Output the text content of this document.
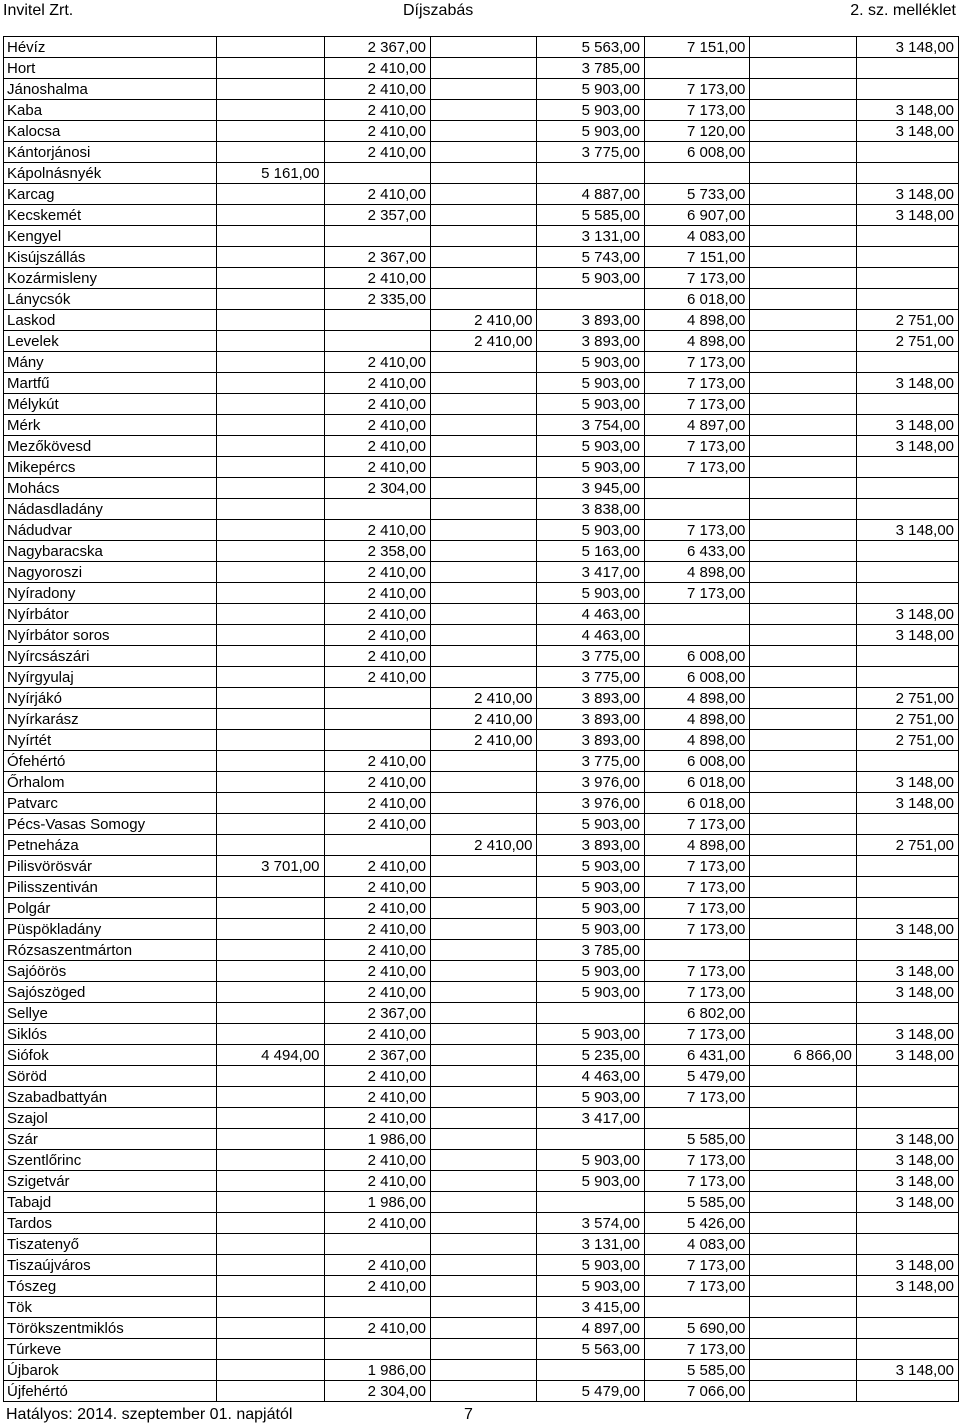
Invitel Zrt.	Díjszabás	2. sz. melléklet
Hévíz		2 367,00		5 563,00	7 151,00		3 148,00
Hort		2 410,00		3 785,00			
Jánoshalma		2 410,00		5 903,00	7 173,00		
Kaba		2 410,00		5 903,00	7 173,00		3 148,00
Kalocsa		2 410,00		5 903,00	7 120,00		3 148,00
Kántorjánosi		2 410,00		3 775,00	6 008,00		
Kápolnásnyék	5 161,00						
Karcag		2 410,00		4 887,00	5 733,00		3 148,00
Kecskemét		2 357,00		5 585,00	6 907,00		3 148,00
Kengyel				3 131,00	4 083,00		
Kisújszállás		2 367,00		5 743,00	7 151,00		
Kozármisleny		2 410,00		5 903,00	7 173,00		
Lánycsók		2 335,00			6 018,00		
Laskod			2 410,00	3 893,00	4 898,00		2 751,00
Levelek			2 410,00	3 893,00	4 898,00		2 751,00
Mány		2 410,00		5 903,00	7 173,00		
Martfű		2 410,00		5 903,00	7 173,00		3 148,00
Mélykút		2 410,00		5 903,00	7 173,00		
Mérk		2 410,00		3 754,00	4 897,00		3 148,00
Mezőkövesd		2 410,00		5 903,00	7 173,00		3 148,00
Mikepércs		2 410,00		5 903,00	7 173,00		
Mohács		2 304,00		3 945,00			
Nádasdladány				3 838,00			
Nádudvar		2 410,00		5 903,00	7 173,00		3 148,00
Nagybaracska		2 358,00		5 163,00	6 433,00		
Nagyoroszi		2 410,00		3 417,00	4 898,00		
Nyíradony		2 410,00		5 903,00	7 173,00		
Nyírbátor		2 410,00		4 463,00			3 148,00
Nyírbátor soros		2 410,00		4 463,00			3 148,00
Nyírcsászári		2 410,00		3 775,00	6 008,00		
Nyírgyulaj		2 410,00		3 775,00	6 008,00		
Nyírjákó			2 410,00	3 893,00	4 898,00		2 751,00
Nyírkarász			2 410,00	3 893,00	4 898,00		2 751,00
Nyírtét			2 410,00	3 893,00	4 898,00		2 751,00
Ófehértó		2 410,00		3 775,00	6 008,00		
Őrhalom		2 410,00		3 976,00	6 018,00		3 148,00
Patvarc		2 410,00		3 976,00	6 018,00		3 148,00
Pécs-Vasas Somogy		2 410,00		5 903,00	7 173,00		
Petneháza			2 410,00	3 893,00	4 898,00		2 751,00
Pilisvörösvár	3 701,00	2 410,00		5 903,00	7 173,00		
Pilisszentiván		2 410,00		5 903,00	7 173,00		
Polgár		2 410,00		5 903,00	7 173,00		
Püspökladány		2 410,00		5 903,00	7 173,00		3 148,00
Rózsaszentmárton		2 410,00		3 785,00			
Sajóörös		2 410,00		5 903,00	7 173,00		3 148,00
Sajószöged		2 410,00		5 903,00	7 173,00		3 148,00
Sellye		2 367,00			6 802,00		
Siklós		2 410,00		5 903,00	7 173,00		3 148,00
Siófok	4 494,00	2 367,00		5 235,00	6 431,00	6 866,00	3 148,00
Söröd		2 410,00		4 463,00	5 479,00		
Szabadbattyán		2 410,00		5 903,00	7 173,00		
Szajol		2 410,00		3 417,00			
Szár		1 986,00			5 585,00		3 148,00
Szentlőrinc		2 410,00		5 903,00	7 173,00		3 148,00
Szigetvár		2 410,00		5 903,00	7 173,00		3 148,00
Tabajd		1 986,00			5 585,00		3 148,00
Tardos		2 410,00		3 574,00	5 426,00		
Tiszatenyő				3 131,00	4 083,00		
Tiszaújváros		2 410,00		5 903,00	7 173,00		3 148,00
Tószeg		2 410,00		5 903,00	7 173,00		3 148,00
Tök				3 415,00			
Törökszentmiklós		2 410,00		4 897,00	5 690,00		
Túrkeve				5 563,00	7 173,00		
Újbarok		1 986,00			5 585,00		3 148,00
Újfehértó		2 304,00		5 479,00	7 066,00		
Hatályos: 2014. szeptember 01. napjától	7
